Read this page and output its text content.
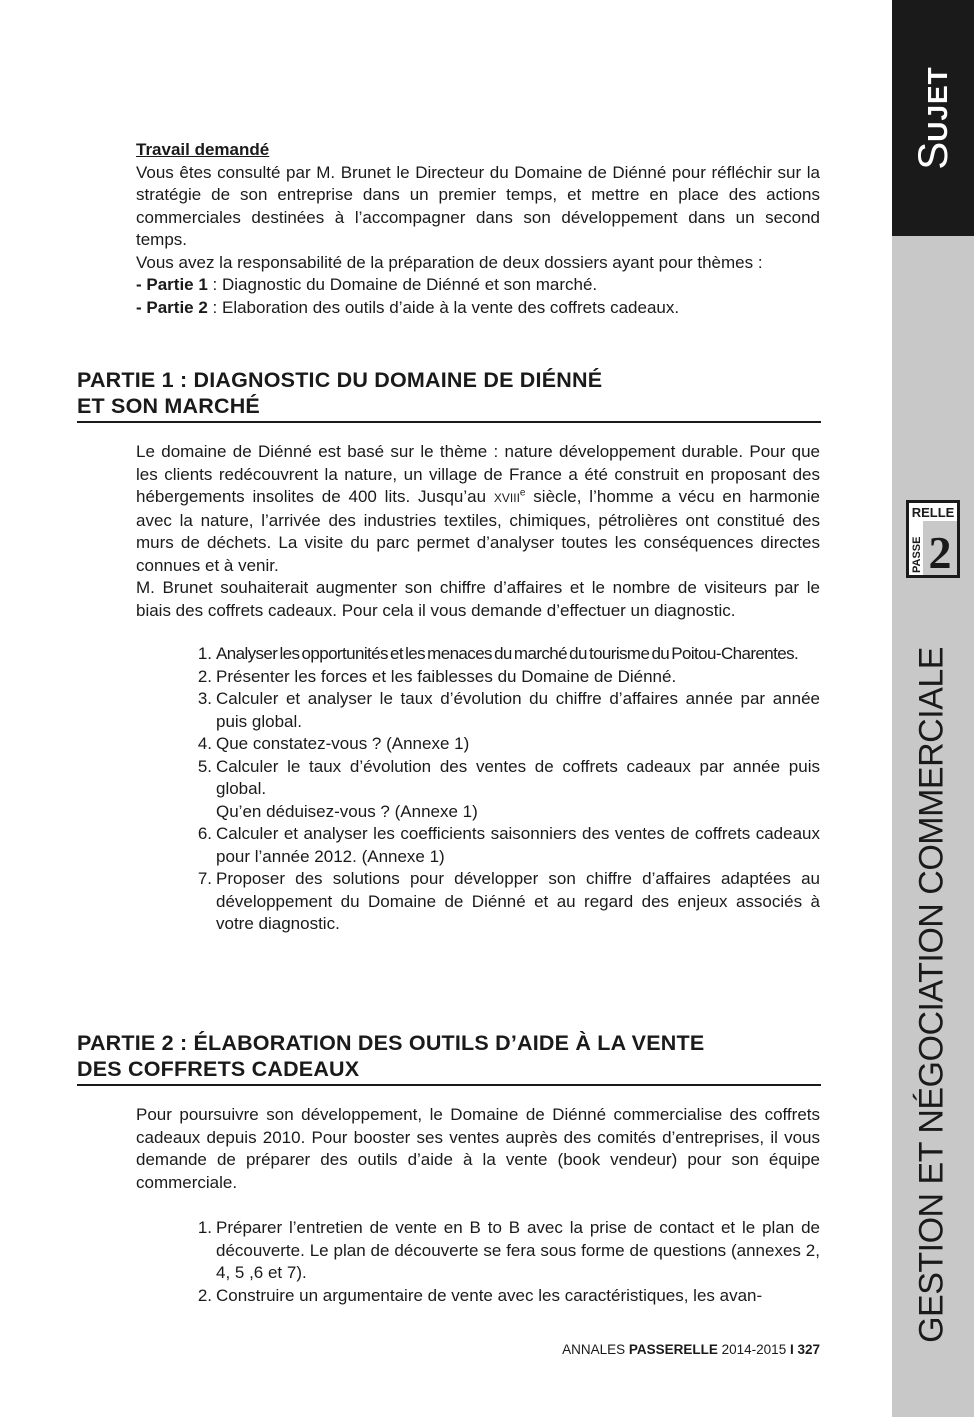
SUJET
RELLE
PASSE 2
GESTION ET NÉGOCIATION COMMERCIALE
Travail demandé
Vous êtes consulté par M. Brunet le Directeur du Domaine de Diénné pour réfléchir sur la stratégie de son entreprise dans un premier temps, et mettre en place des actions commerciales destinées à l’accompagner dans son développement dans un second temps.
Vous avez la responsabilité de la préparation de deux dossiers ayant pour thèmes :
- Partie 1 : Diagnostic du Domaine de Diénné et son marché.
- Partie 2 : Elaboration des outils d’aide à la vente des coffrets cadeaux.
PARTIE 1 : DIAGNOSTIC DU DOMAINE DE DIÉNNÉ
ET SON MARCHÉ
Le domaine de Diénné est basé sur le thème : nature développement durable. Pour que les clients redécouvrent la nature, un village de France a été construit en proposant des hébergements insolites de 400 lits. Jusqu’au XVIIIe siècle, l’homme a vécu en harmonie avec la nature, l’arrivée des industries textiles, chimiques, pétrolières ont constitué des murs de déchets. La visite du parc permet d’analyser toutes les conséquences directes connues et à venir.
M. Brunet souhaiterait augmenter son chiffre d’affaires et le nombre de visiteurs par le biais des coffrets cadeaux. Pour cela il vous demande d’effectuer un diagnostic.
1. Analyser les opportunités et les menaces du marché du tourisme du Poitou-Charentes.
2. Présenter les forces et les faiblesses du Domaine de Diénné.
3. Calculer et analyser le taux d’évolution du chiffre d’affaires année par année puis global.
4. Que constatez-vous ? (Annexe 1)
5. Calculer le taux d’évolution des ventes de coffrets cadeaux par année puis global.
Qu’en déduisez-vous ? (Annexe 1)
6. Calculer et analyser les coefficients saisonniers des ventes de coffrets cadeaux pour l’année 2012. (Annexe 1)
7. Proposer des solutions pour développer son chiffre d’affaires adaptées au développement du Domaine de Diénné et au regard des enjeux associés à votre diagnostic.
PARTIE 2 : ÉLABORATION DES OUTILS D’AIDE À LA VENTE
DES COFFRETS CADEAUX
Pour poursuivre son développement, le Domaine de Diénné commercialise des coffrets cadeaux depuis 2010. Pour booster ses ventes auprès des comités d’entreprises, il vous demande de préparer des outils d’aide à la vente (book vendeur) pour son équipe commerciale.
1. Préparer l’entretien de vente en B to B avec la prise de contact et le plan de découverte. Le plan de découverte se fera sous forme de questions (annexes 2, 4, 5 ,6 et 7).
2. Construire un argumentaire de vente avec les caractéristiques, les avan-
ANNALES PASSERELLE 2014-2015 I 327
